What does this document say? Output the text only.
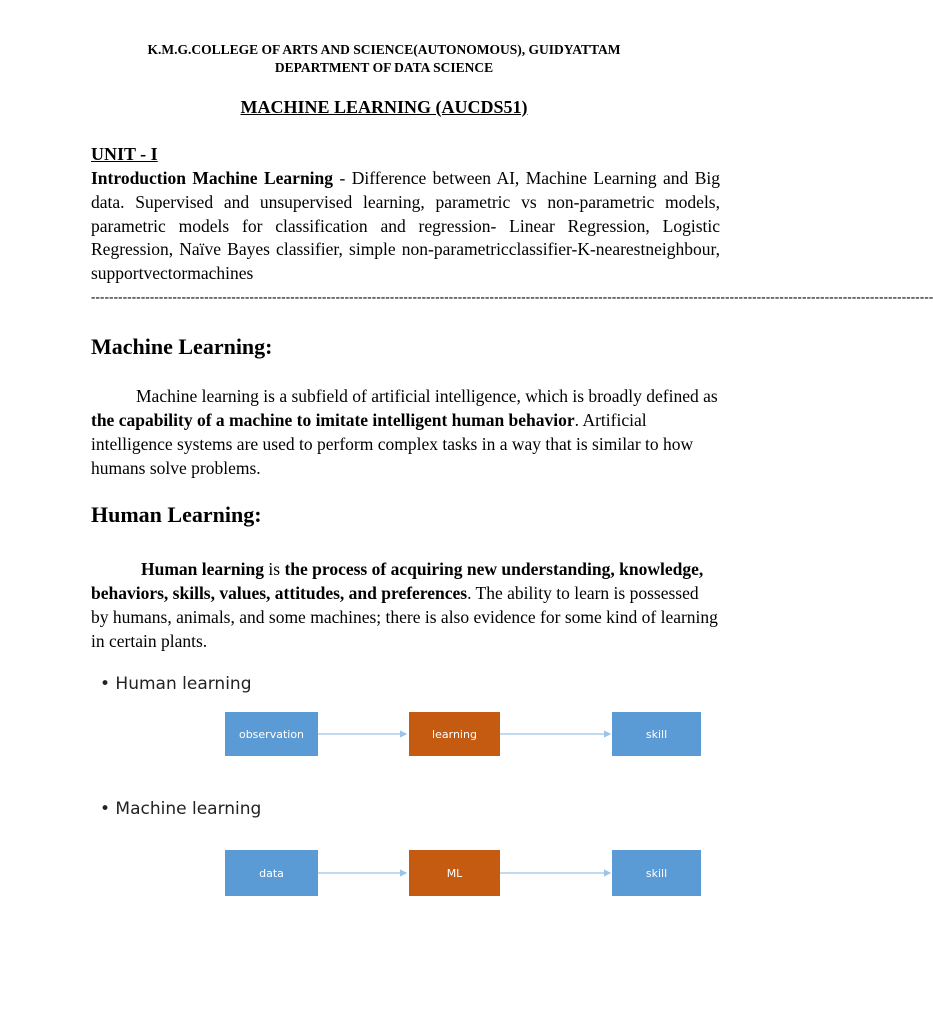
K.M.G.COLLEGE OF ARTS AND SCIENCE(AUTONOMOUS), GUIDYATTAM
DEPARTMENT OF DATA SCIENCE
MACHINE LEARNING (AUCDS51)
UNIT - I
Introduction Machine Learning - Difference between AI, Machine Learning and Big data. Supervised and unsupervised learning, parametric vs non-parametric models, parametric models for classification and regression- Linear Regression, Logistic Regression, Naïve Bayes classifier, simple non-parametricclassifier-K-nearestneighbour, supportvectormachines
------------------------------------------------------------------------------------------------------------------------------------------------------------------------------------------
Machine Learning:
Machine learning is a subfield of artificial intelligence, which is broadly defined as the capability of a machine to imitate intelligent human behavior. Artificial intelligence systems are used to perform complex tasks in a way that is similar to how humans solve problems.
Human Learning:
Human learning is the process of acquiring new understanding, knowledge, behaviors, skills, values, attitudes, and preferences. The ability to learn is possessed by humans, animals, and some machines; there is also evidence for some kind of learning in certain plants.
• Human learning
observation	learning	skill
• Machine learning
data	ML	skill
